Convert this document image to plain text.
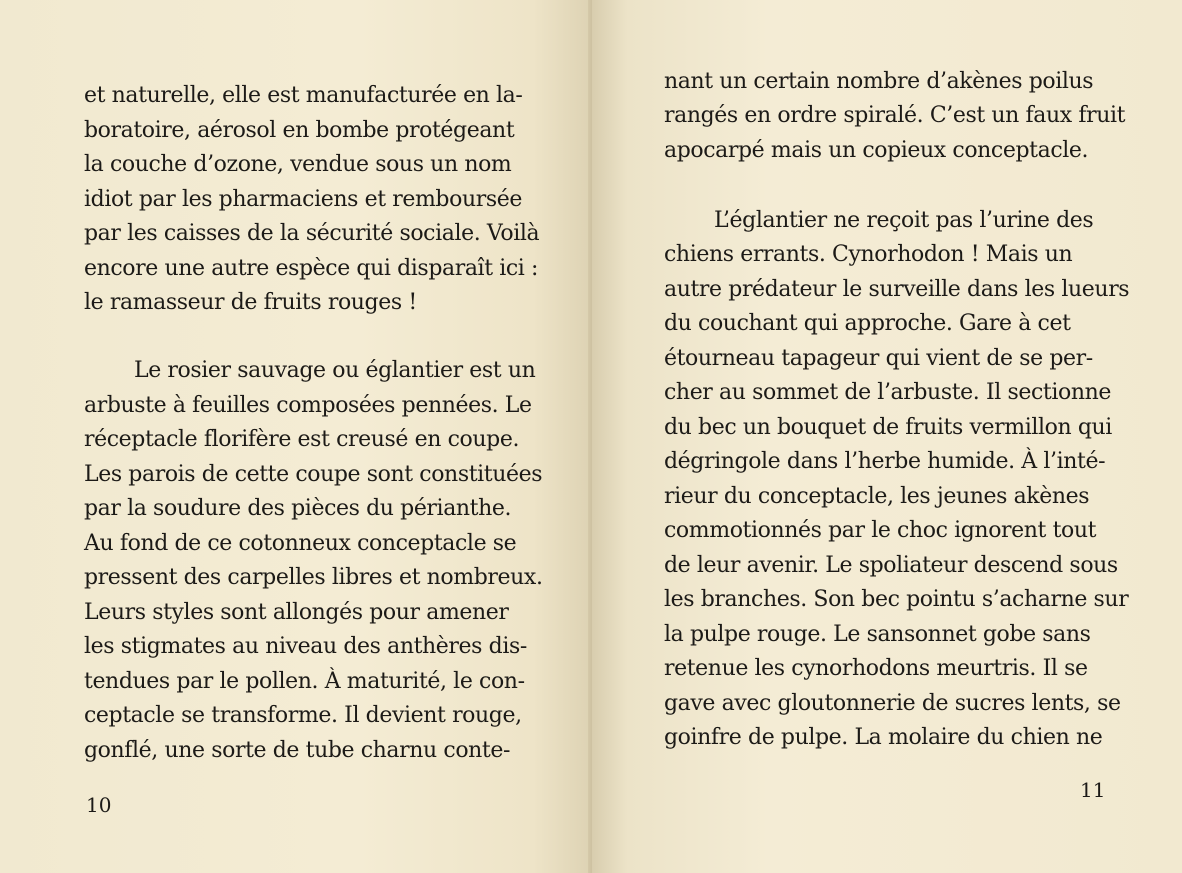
et naturelle, elle est manufacturée en la-
boratoire, aérosol en bombe protégeant
la couche d’ozone, vendue sous un nom
idiot par les pharmaciens et remboursée
par les caisses de la sécurité sociale. Voilà
encore une autre espèce qui disparaît ici :
le ramasseur de fruits rouges !
Le rosier sauvage ou églantier est un
arbuste à feuilles composées pennées. Le
réceptacle florifère est creusé en coupe.
Les parois de cette coupe sont constituées
par la soudure des pièces du périanthe.
Au fond de ce cotonneux conceptacle se
pressent des carpelles libres et nombreux.
Leurs styles sont allongés pour amener
les stigmates au niveau des anthères dis-
tendues par le pollen. À maturité, le con-
ceptacle se transforme. Il devient rouge,
gonflé, une sorte de tube charnu conte-
10
nant un certain nombre d’akènes poilus
rangés en ordre spiralé. C’est un faux fruit
apocarpé mais un copieux conceptacle.
L’églantier ne reçoit pas l’urine des
chiens errants. Cynorhodon ! Mais un
autre prédateur le surveille dans les lueurs
du couchant qui approche. Gare à cet
étourneau tapageur qui vient de se per-
cher au sommet de l’arbuste. Il sectionne
du bec un bouquet de fruits vermillon qui
dégringole dans l’herbe humide. À l’inté-
rieur du conceptacle, les jeunes akènes
commotionnés par le choc ignorent tout
de leur avenir. Le spoliateur descend sous
les branches. Son bec pointu s’acharne sur
la pulpe rouge. Le sansonnet gobe sans
retenue les cynorhodons meurtris. Il se
gave avec gloutonnerie de sucres lents, se
goinfre de pulpe. La molaire du chien ne
11
